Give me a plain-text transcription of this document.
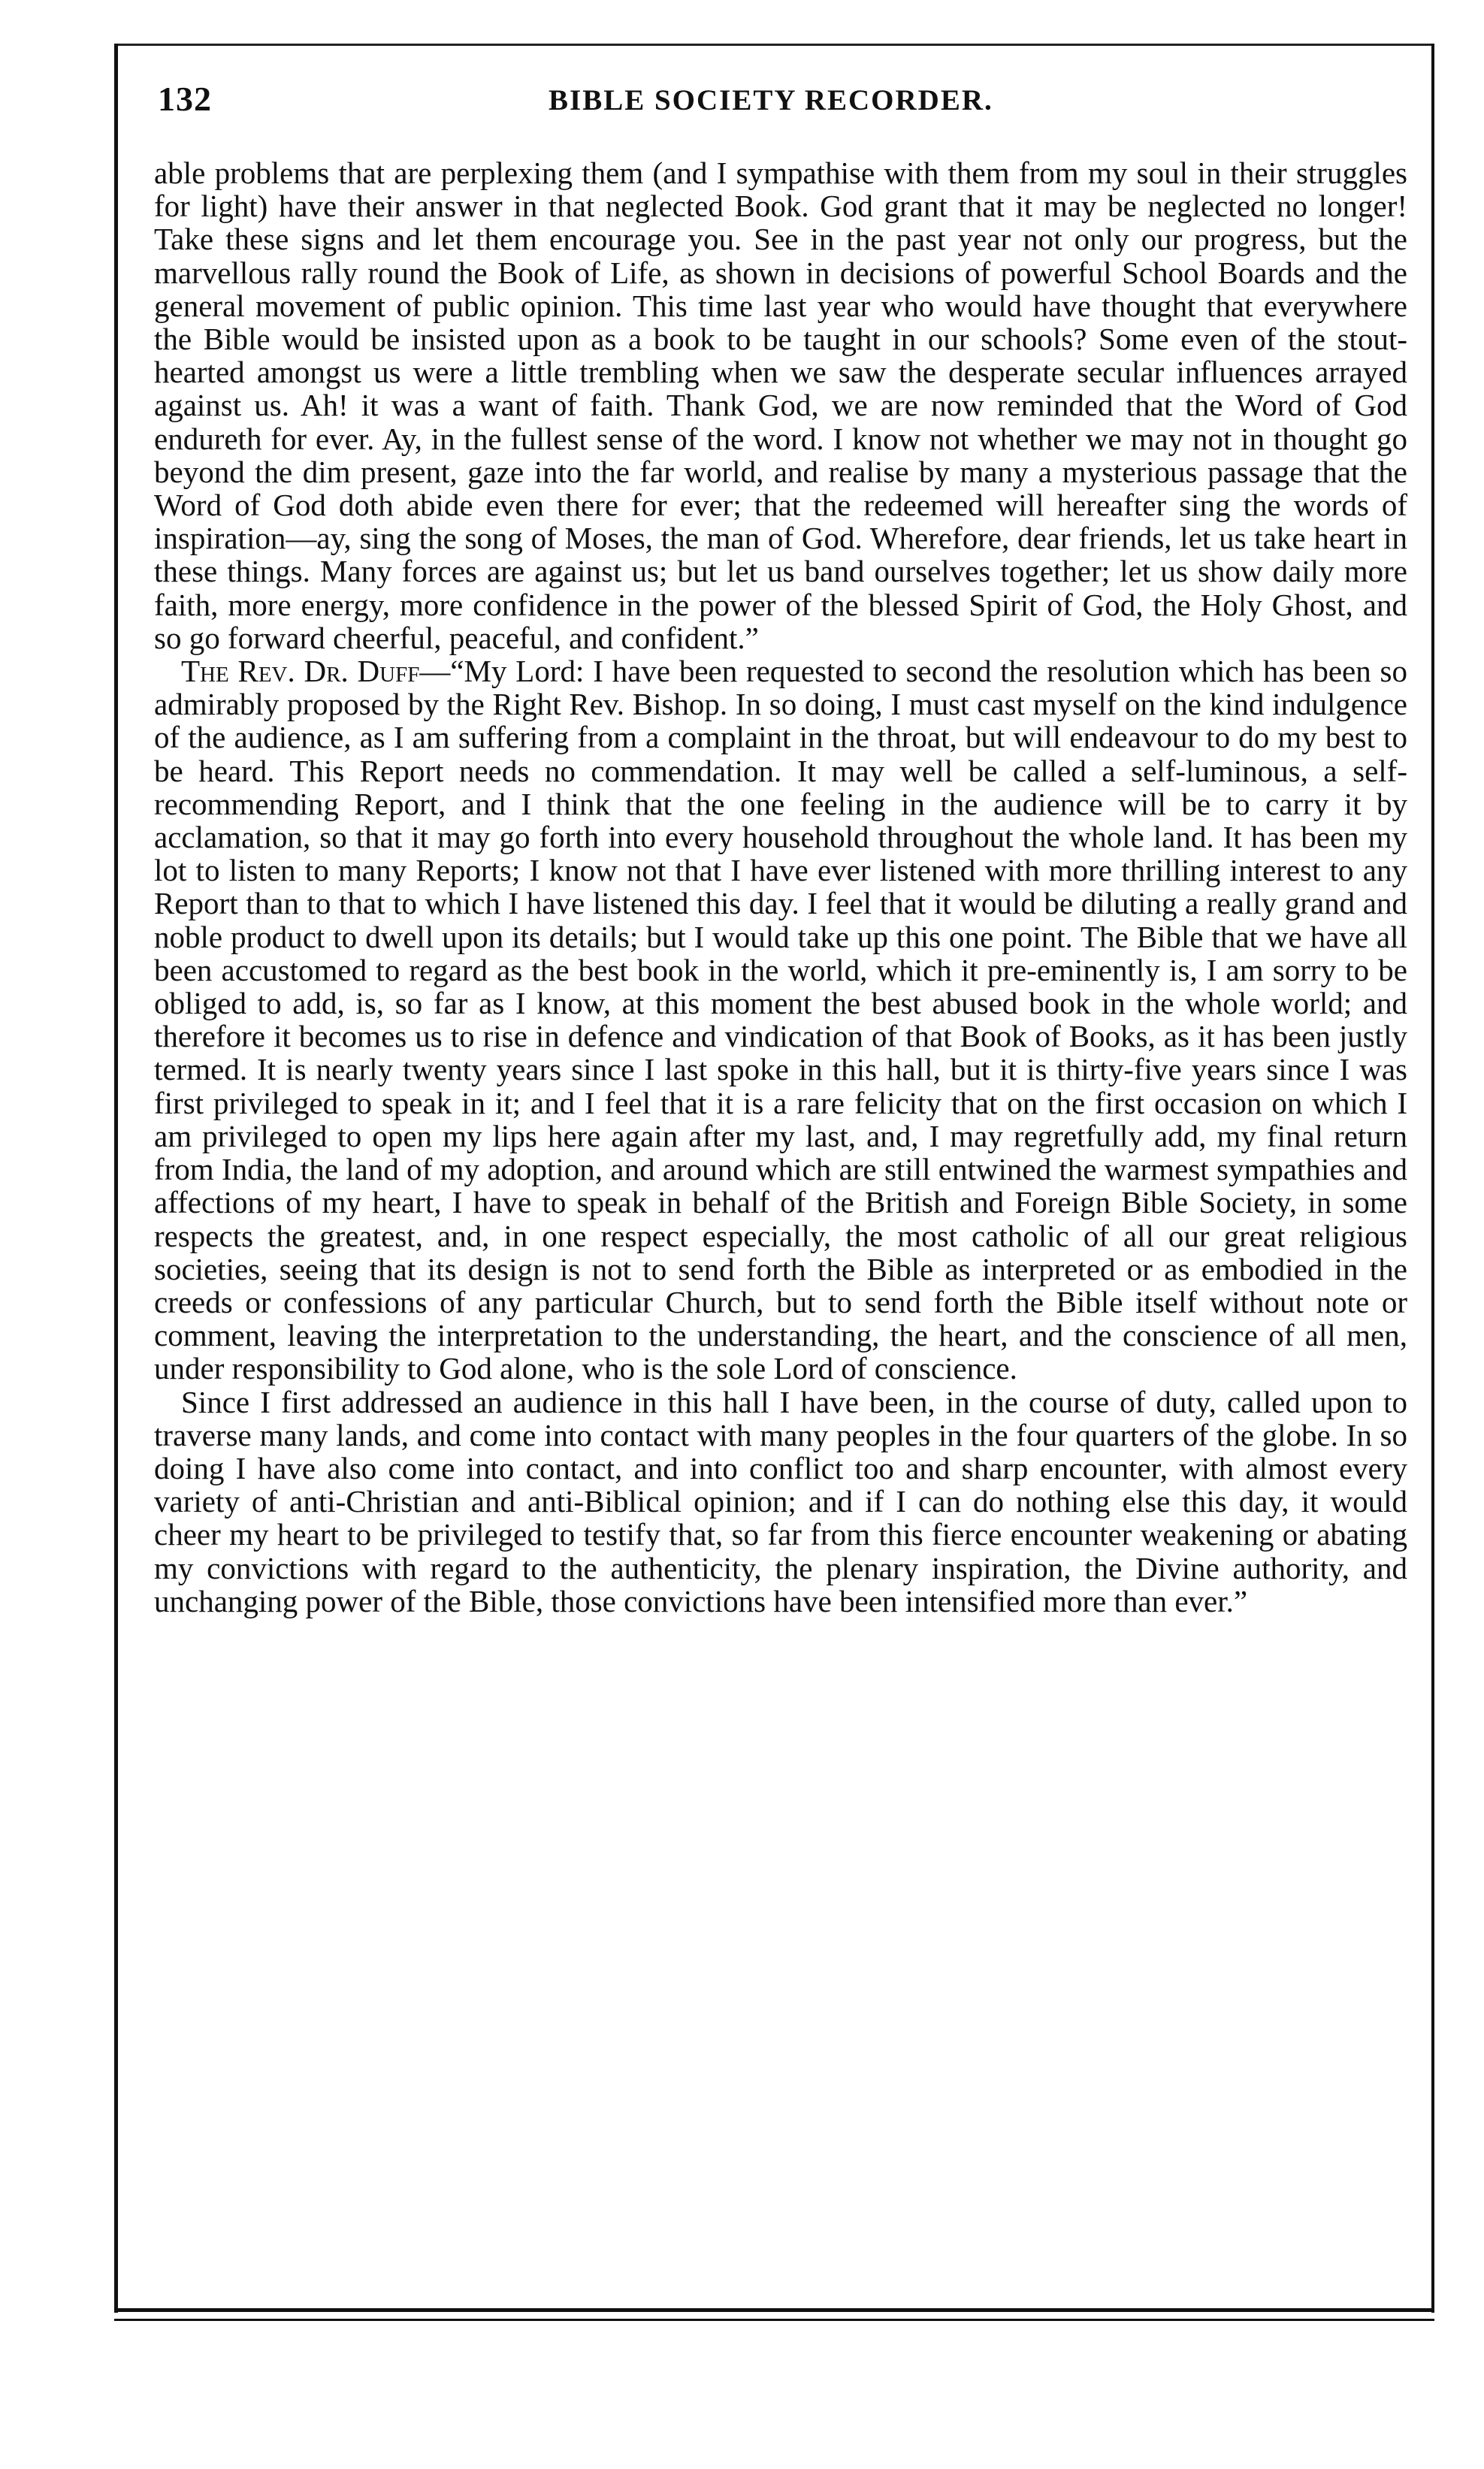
132	BIBLE SOCIETY RECORDER.

able problems that are perplexing them (and I sympathise with them from my soul in their struggles for light) have their answer in that neglected Book. God grant that it may be neglected no longer! Take these signs and let them encourage you. See in the past year not only our progress, but the marvellous rally round the Book of Life, as shown in decisions of powerful School Boards and the general movement of public opinion. This time last year who would have thought that everywhere the Bible would be insisted upon as a book to be taught in our schools? Some even of the stout-hearted amongst us were a little trembling when we saw the desperate secular influences arrayed against us. Ah! it was a want of faith. Thank God, we are now reminded that the Word of God endureth for ever. Ay, in the fullest sense of the word. I know not whether we may not in thought go beyond the dim present, gaze into the far world, and realise by many a mysterious passage that the Word of God doth abide even there for ever; that the redeemed will hereafter sing the words of inspiration—ay, sing the song of Moses, the man of God. Wherefore, dear friends, let us take heart in these things. Many forces are against us; but let us band ourselves together; let us show daily more faith, more energy, more confidence in the power of the blessed Spirit of God, the Holy Ghost, and so go forward cheerful, peaceful, and confident.”

The Rev. Dr. Duff—“My Lord: I have been requested to second the resolution which has been so admirably proposed by the Right Rev. Bishop. In so doing, I must cast myself on the kind indulgence of the audience, as I am suffering from a complaint in the throat, but will endeavour to do my best to be heard. This Report needs no commendation. It may well be called a self-luminous, a self-recommending Report, and I think that the one feeling in the audience will be to carry it by acclamation, so that it may go forth into every household throughout the whole land. It has been my lot to listen to many Reports; I know not that I have ever listened with more thrilling interest to any Report than to that to which I have listened this day. I feel that it would be diluting a really grand and noble product to dwell upon its details; but I would take up this one point. The Bible that we have all been accustomed to regard as the best book in the world, which it pre-eminently is, I am sorry to be obliged to add, is, so far as I know, at this moment the best abused book in the whole world; and therefore it becomes us to rise in defence and vindication of that Book of Books, as it has been justly termed. It is nearly twenty years since I last spoke in this hall, but it is thirty-five years since I was first privileged to speak in it; and I feel that it is a rare felicity that on the first occasion on which I am privileged to open my lips here again after my last, and, I may regretfully add, my final return from India, the land of my adoption, and around which are still entwined the warmest sympathies and affections of my heart, I have to speak in behalf of the British and Foreign Bible Society, in some respects the greatest, and, in one respect especially, the most catholic of all our great religious societies, seeing that its design is not to send forth the Bible as interpreted or as embodied in the creeds or confessions of any particular Church, but to send forth the Bible itself without note or comment, leaving the interpretation to the understanding, the heart, and the conscience of all men, under responsibility to God alone, who is the sole Lord of conscience.

Since I first addressed an audience in this hall I have been, in the course of duty, called upon to traverse many lands, and come into contact with many peoples in the four quarters of the globe. In so doing I have also come into contact, and into conflict too and sharp encounter, with almost every variety of anti-Christian and anti-Biblical opinion; and if I can do nothing else this day, it would cheer my heart to be privileged to testify that, so far from this fierce encounter weakening or abating my convictions with regard to the authenticity, the plenary inspiration, the Divine authority, and unchanging power of the Bible, those convictions have been intensified more than ever.”
